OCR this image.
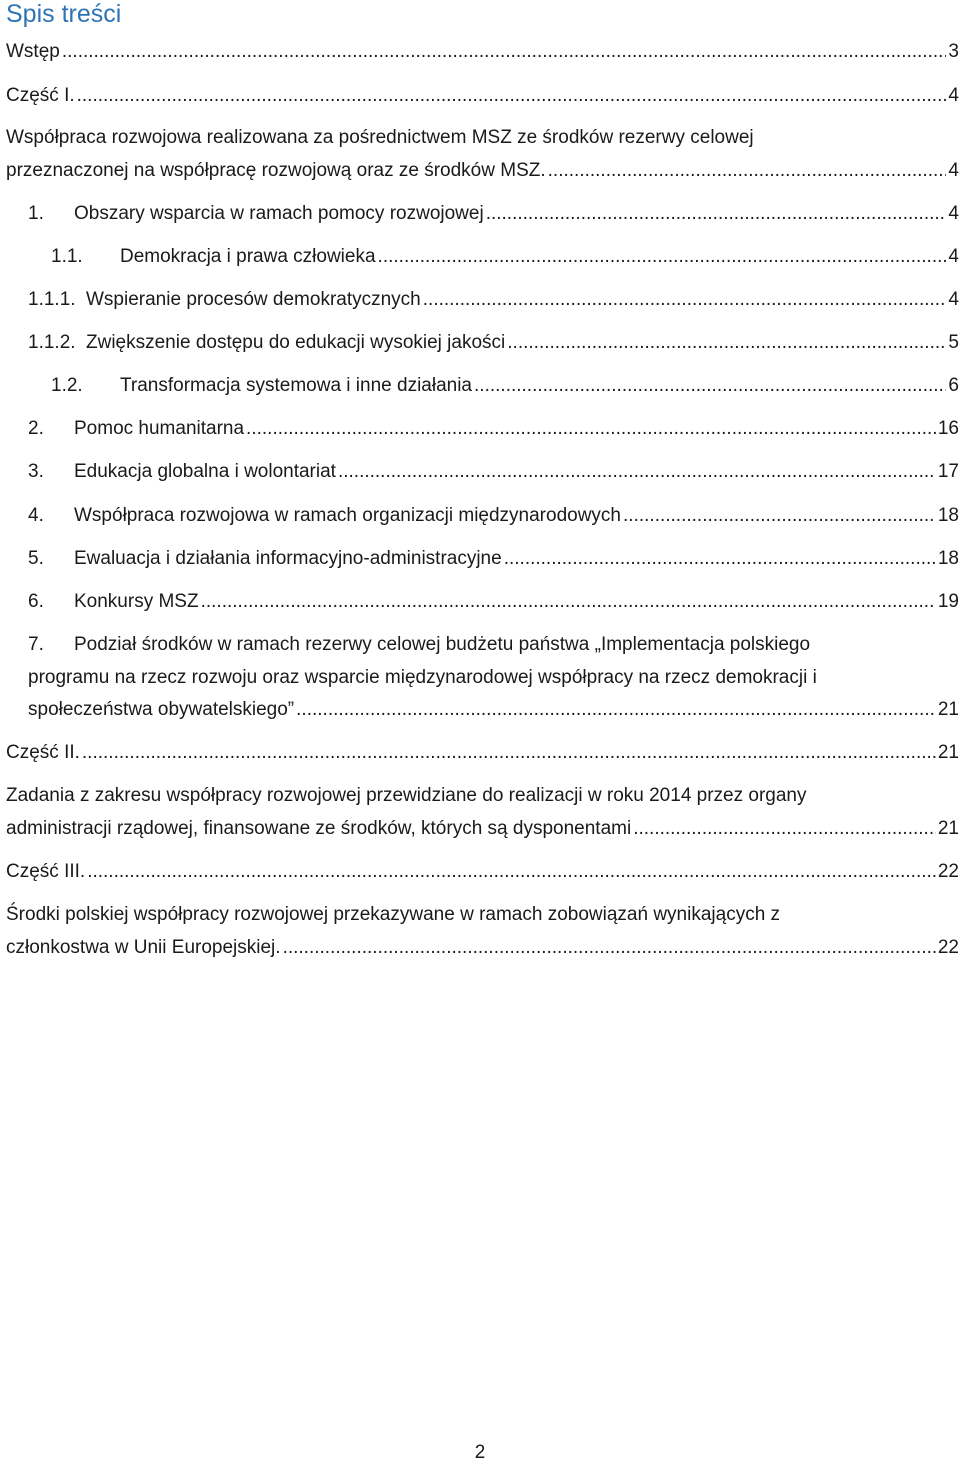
Spis treści
Wstęp .....	3
Część I. .....	4
Współpraca rozwojowa realizowana za pośrednictwem MSZ ze środków rezerwy celowej
przeznaczonej na współpracę rozwojową oraz ze środków MSZ. .....	4
1.	Obszary wsparcia w ramach pomocy rozwojowej .....	4
1.1.	Demokracja i prawa człowieka .....	4
1.1.1. Wspieranie procesów demokratycznych .....	4
1.1.2. Zwiększenie dostępu do edukacji wysokiej jakości .....	5
1.2.	Transformacja systemowa i inne działania .....	6
2.	Pomoc humanitarna .....	16
3.	Edukacja globalna i wolontariat .....	17
4.	Współpraca rozwojowa w ramach organizacji międzynarodowych .....	18
5.	Ewaluacja i działania informacyjno-administracyjne .....	18
6.	Konkursy MSZ .....	19
7. Podział środków w ramach rezerwy celowej budżetu państwa „Implementacja polskiego
programu na rzecz rozwoju oraz wsparcie międzynarodowej współpracy na rzecz demokracji i
społeczeństwa obywatelskiego” .....	21
Część II. .....	21
Zadania z zakresu współpracy rozwojowej przewidziane do realizacji w roku 2014 przez organy
administracji rządowej, finansowane ze środków, których są dysponentami .....	21
Część III. .....	22
Środki polskiej współpracy rozwojowej przekazywane w ramach zobowiązań wynikających z
członkostwa w Unii Europejskiej. .....	22
2
